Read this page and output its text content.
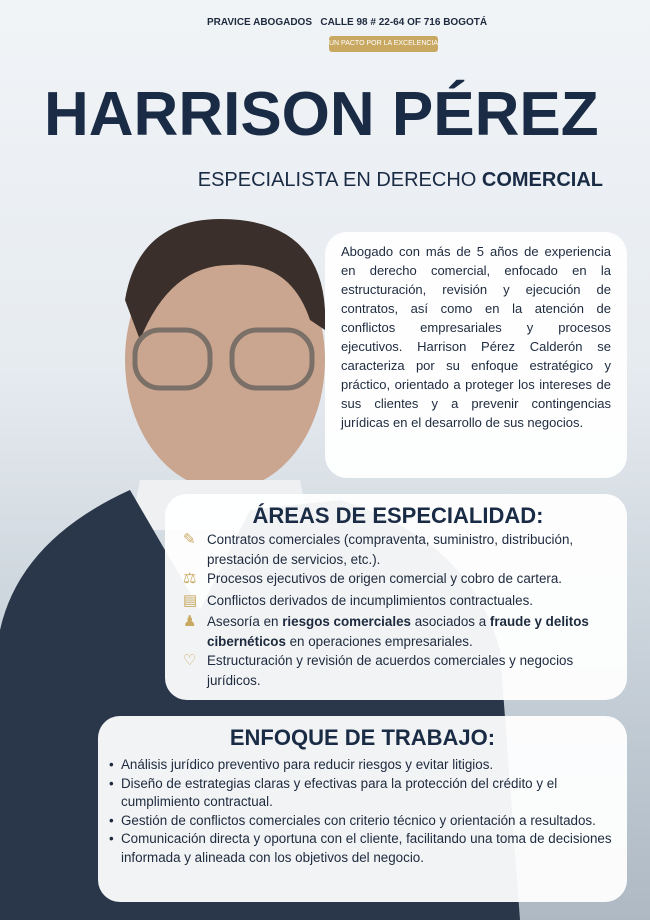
PRAVICE ABOGADOS CALLE 98 # 22-64 OF 716 BOGOTÁ
UN PACTO POR LA EXCELENCIA
HARRISON PÉREZ
ESPECIALISTA EN DERECHO COMERCIAL

Abogado con más de 5 años de experiencia en derecho comercial, enfocado en la estructuración, revisión y ejecución de contratos, así como en la atención de conflictos empresariales y procesos ejecutivos. Harrison Pérez Calderón se caracteriza por su enfoque estratégico y práctico, orientado a proteger los intereses de sus clientes y a prevenir contingencias jurídicas en el desarrollo de sus negocios.

ÁREAS DE ESPECIALIDAD:
✎ Contratos comerciales (compraventa, suministro, distribución, prestación de servicios, etc.).
⚖ Procesos ejecutivos de origen comercial y cobro de cartera.
▤ Conflictos derivados de incumplimientos contractuales.
♟ Asesoría en riesgos comerciales asociados a fraude y delitos cibernéticos en operaciones empresariales.
♡ Estructuración y revisión de acuerdos comerciales y negocios jurídicos.
ENFOQUE DE TRABAJO:
• Análisis jurídico preventivo para reducir riesgos y evitar litigios.
• Diseño de estrategias claras y efectivas para la protección del crédito y el cumplimiento contractual.
• Gestión de conflictos comerciales con criterio técnico y orientación a resultados.
• Comunicación directa y oportuna con el cliente, facilitando una toma de decisiones informada y alineada con los objetivos del negocio.
